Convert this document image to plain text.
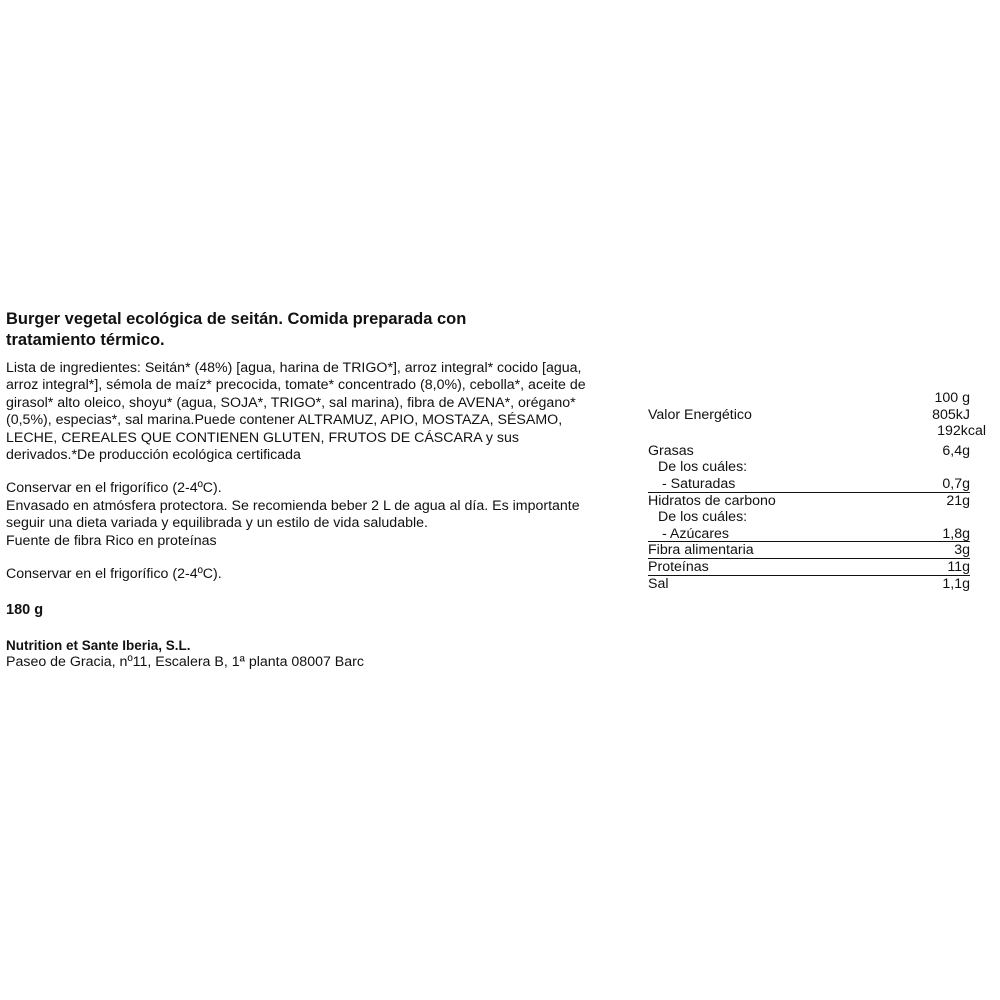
Burger vegetal ecológica de seitán. Comida preparada con
tratamiento térmico.
Lista de ingredientes: Seitán* (48%) [agua, harina de TRIGO*], arroz integral* cocido [agua,
arroz integral*], sémola de maíz* precocida, tomate* concentrado (8,0%), cebolla*, aceite de
girasol* alto oleico, shoyu* (agua, SOJA*, TRIGO*, sal marina), fibra de AVENA*, orégano*
(0,5%), especias*, sal marina.Puede contener ALTRAMUZ, APIO, MOSTAZA, SÉSAMO,
LECHE, CEREALES QUE CONTIENEN GLUTEN, FRUTOS DE CÁSCARA y sus
derivados.*De producción ecológica certificada
Conservar en el frigorífico (2-4ºC).
Envasado en atmósfera protectora. Se recomienda beber 2 L de agua al día. Es importante
seguir una dieta variada y equilibrada y un estilo de vida saludable.
Fuente de fibra Rico en proteínas
Conservar en el frigorífico (2-4ºC).
180 g
Nutrition et Sante Iberia, S.L.
Paseo de Gracia, nº11, Escalera B, 1ª planta 08007 Barc
100 g
Valor Energético	805kJ
192kcal
Grasas	6,4g
De los cuáles:
- Saturadas	0,7g
Hidratos de carbono	21g
De los cuáles:
- Azúcares	1,8g
Fibra alimentaria	3g
Proteínas	11g
Sal	1,1g
